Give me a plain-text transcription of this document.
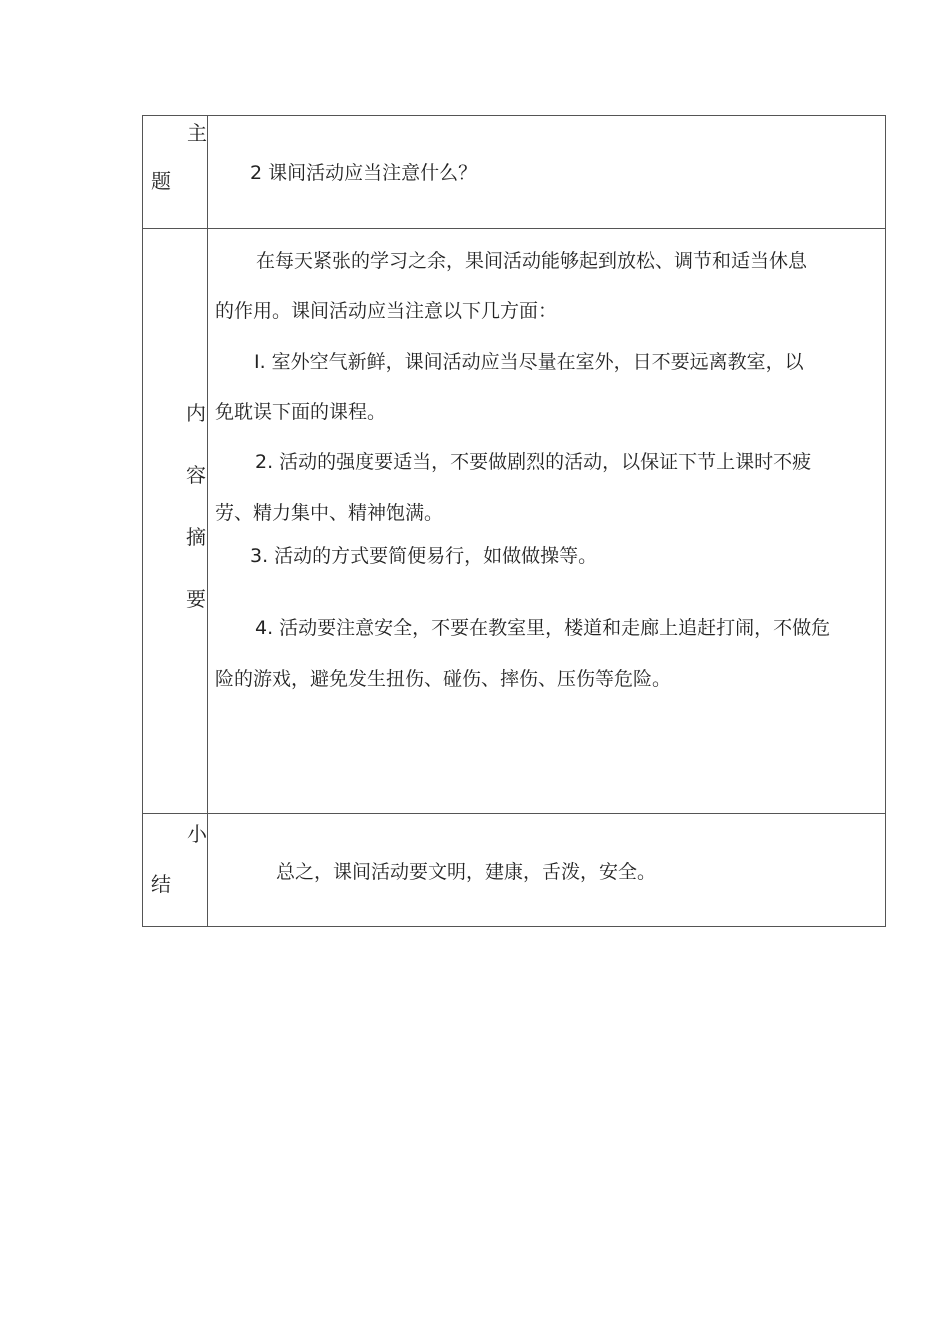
主
题	2 课间活动应当注意什么？
内
容
摘
要
在每天紧张的学习之余，果间活动能够起到放松、调节和适当休息
的作用。课间活动应当注意以下几方面：
I. 室外空气新鲜，课间活动应当尽量在室外，日不要远离教室，以
免耽误下面的课程。
2. 活动的强度要适当，不要做剧烈的活动，以保证下节上课时不疲
劳、精力集中、精神饱满。
3. 活动的方式要简便易行，如做做操等。
4. 活动要注意安全，不要在教室里，楼道和走廊上追赶打闹，不做危
险的游戏，避免发生扭伤、碰伤、摔伤、压伤等危险。
小
结	总之，课间活动要文明，建康，舌泼，安全。
